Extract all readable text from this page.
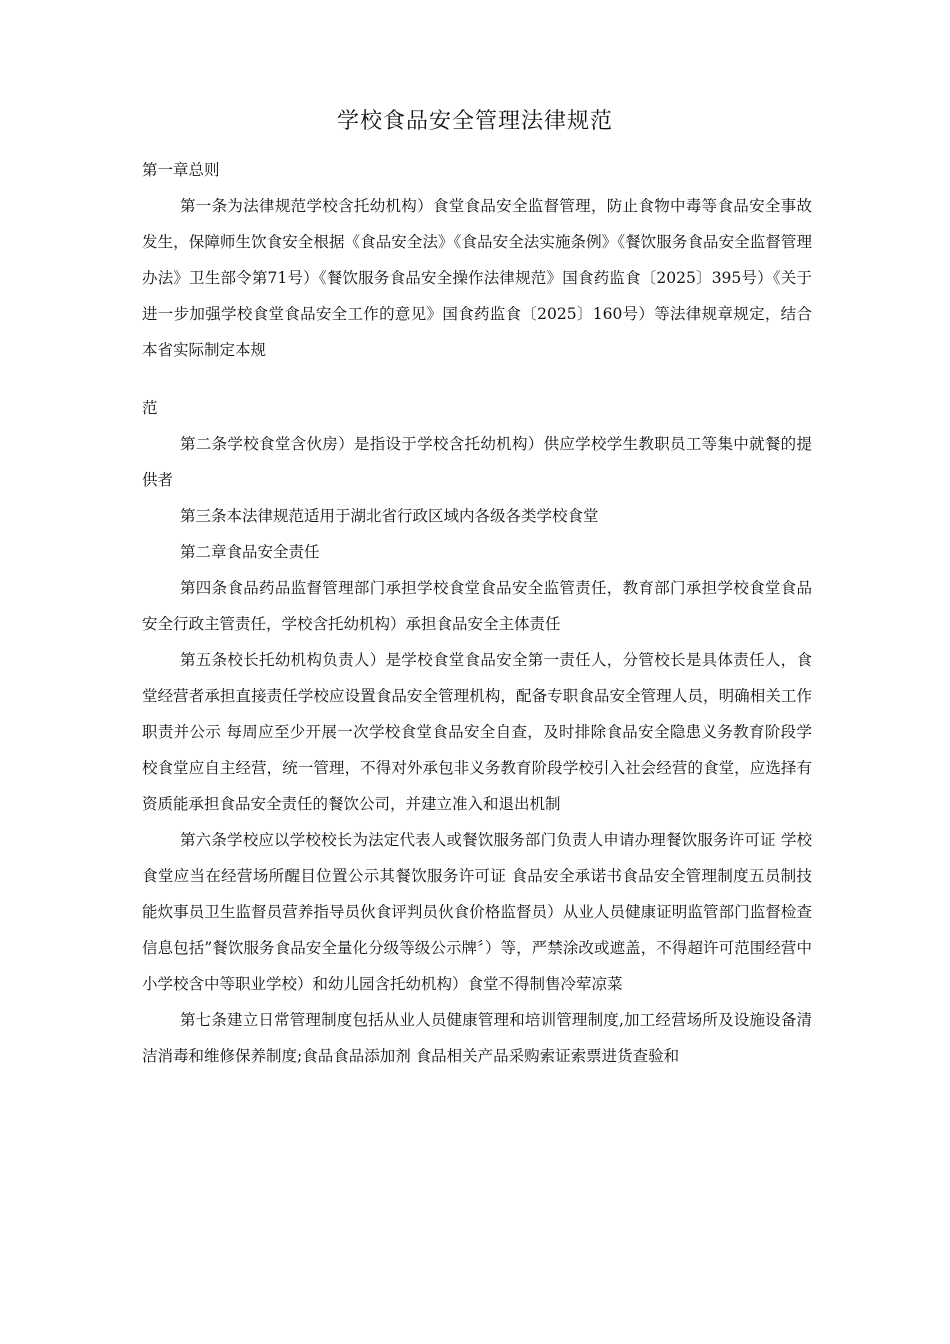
学校食品安全管理法律规范

第一章总则

第一条为法律规范学校含托幼机构）食堂食品安全监督管理，防止食物中毒等食品安全事故发生，保障师生饮食安全根据《食品安全法》《食品安全法实施条例》《餐饮服务食品安全监督管理办法》卫生部令第71号）《餐饮服务食品安全操作法律规范》国食药监食〔2025〕395号）《关于进一步加强学校食堂食品安全工作的意见》国食药监食〔2025〕160号）等法律规章规定，结合本省实际制定本规

范

第二条学校食堂含伙房）是指设于学校含托幼机构）供应学校学生教职员工等集中就餐的提供者

第三条本法律规范适用于湖北省行政区域内各级各类学校食堂

第二章食品安全责任

第四条食品药品监督管理部门承担学校食堂食品安全监管责任，教育部门承担学校食堂食品安全行政主管责任，学校含托幼机构）承担食品安全主体责任

第五条校长托幼机构负责人）是学校食堂食品安全第一责任人，分管校长是具体责任人，食堂经营者承担直接责任学校应设置食品安全管理机构，配备专职食品安全管理人员，明确相关工作职责并公示 每周应至少开展一次学校食堂食品安全自查，及时排除食品安全隐患义务教育阶段学校食堂应自主经营，统一管理，不得对外承包非义务教育阶段学校引入社会经营的食堂，应选择有资质能承担食品安全责任的餐饮公司，并建立准入和退出机制

第六条学校应以学校校长为法定代表人或餐饮服务部门负责人申请办理餐饮服务许可证 学校食堂应当在经营场所醒目位置公示其餐饮服务许可证 食品安全承诺书食品安全管理制度五员制技能炊事员卫生监督员营养指导员伙食评判员伙食价格监督员）从业人员健康证明监管部门监督检查信息包括”餐饮服务食品安全量化分级等级公示牌〞）等，严禁涂改或遮盖，不得超许可范围经营中小学校含中等职业学校）和幼儿园含托幼机构）食堂不得制售冷荤凉菜

第七条建立日常管理制度包括从业人员健康管理和培训管理制度,加工经营场所及设施设备清洁消毒和维修保养制度;食品食品添加剂 食品相关产品采购索证索票进货查验和
